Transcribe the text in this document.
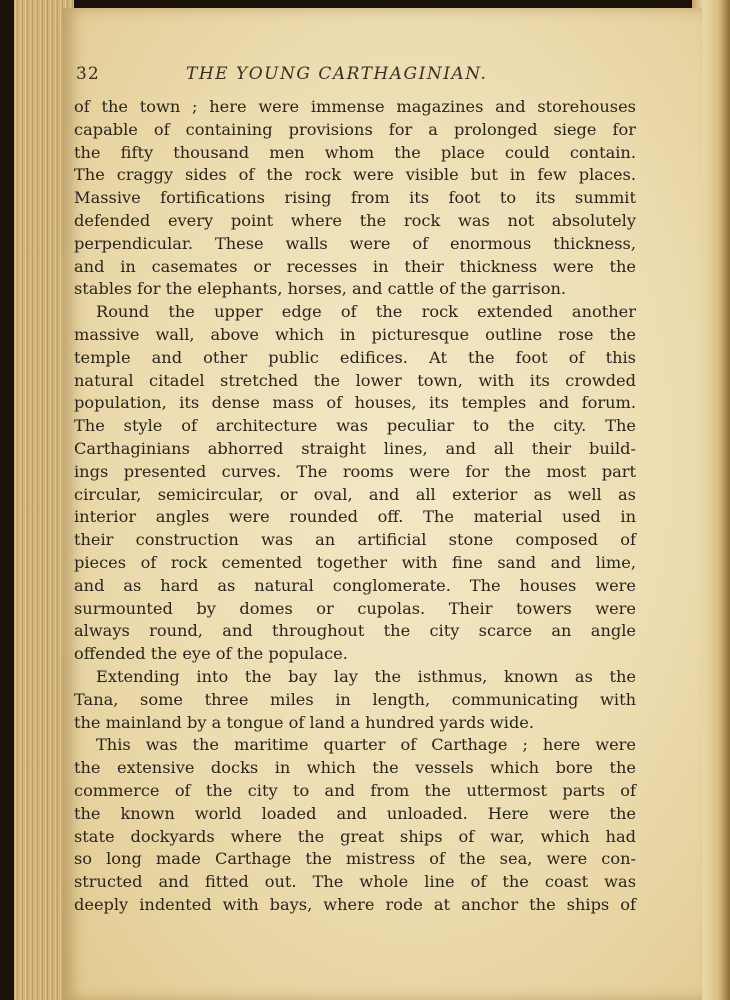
32	THE YOUNG CARTHAGINIAN.
of the town ; here were immense magazines and storehouses
capable of containing provisions for a prolonged siege for
the fifty thousand men whom the place could contain.
The craggy sides of the rock were visible but in few places.
Massive fortifications rising from its foot to its summit
defended every point where the rock was not absolutely
perpendicular. These walls were of enormous thickness,
and in casemates or recesses in their thickness were the
stables for the elephants, horses, and cattle of the garrison.
Round the upper edge of the rock extended another
massive wall, above which in picturesque outline rose the
temple and other public edifices. At the foot of this
natural citadel stretched the lower town, with its crowded
population, its dense mass of houses, its temples and forum.
The style of architecture was peculiar to the city. The
Carthaginians abhorred straight lines, and all their build-
ings presented curves. The rooms were for the most part
circular, semicircular, or oval, and all exterior as well as
interior angles were rounded off. The material used in
their construction was an artificial stone composed of
pieces of rock cemented together with fine sand and lime,
and as hard as natural conglomerate. The houses were
surmounted by domes or cupolas. Their towers were
always round, and throughout the city scarce an angle
offended the eye of the populace.
Extending into the bay lay the isthmus, known as the
Tana, some three miles in length, communicating with
the mainland by a tongue of land a hundred yards wide.
This was the maritime quarter of Carthage ; here were
the extensive docks in which the vessels which bore the
commerce of the city to and from the uttermost parts of
the known world loaded and unloaded. Here were the
state dockyards where the great ships of war, which had
so long made Carthage the mistress of the sea, were con-
structed and fitted out. The whole line of the coast was
deeply indented with bays, where rode at anchor the ships of
